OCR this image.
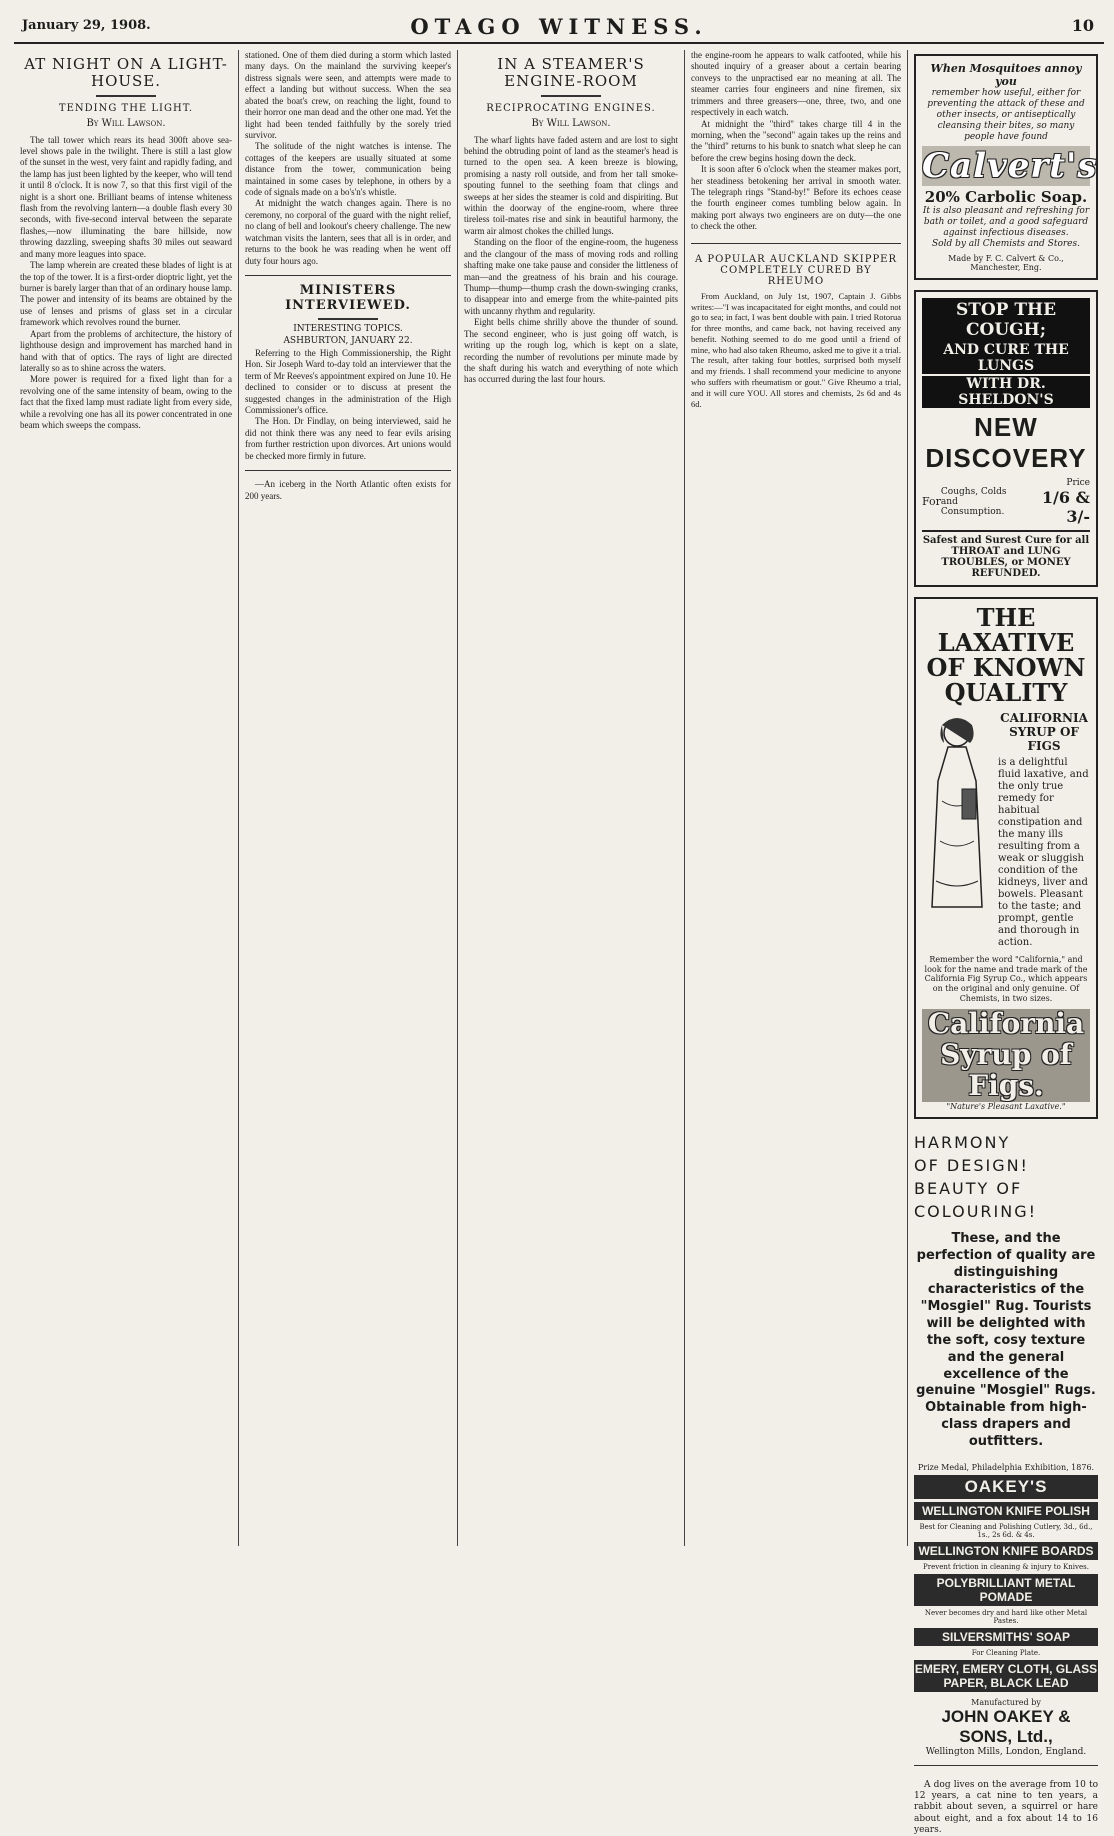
January 29, 1908.	OTAGO WITNESS.	10
AT NIGHT ON A LIGHT-HOUSE.
TENDING THE LIGHT.
By Will Lawson.

The tall tower which rears its head 300ft above sea-level shows pale in the twilight. There is still a last glow of the sunset in the west, very faint and rapidly fading, and the lamp has just been lighted by the keeper, who will tend it until 8 o'clock. It is now 7, so that this first vigil of the night is a short one. Brilliant beams of intense whiteness flash from the revolving lantern—a double flash every 30 seconds, with five-second interval between the separate flashes,—now illuminating the bare hillside, now throwing dazzling, sweeping shafts 30 miles out seaward and many more leagues into space.

The lamp wherein are created these blades of light is at the top of the tower. It is a first-order dioptric light, yet the burner is barely larger than that of an ordinary house lamp. The power and intensity of its beams are obtained by the use of lenses and prisms of glass set in a circular framework which revolves round the burner.

Apart from the problems of architecture, the history of lighthouse design and improvement has marched hand in hand with that of optics. The rays of light are directed laterally so as to shine across the waters.

More power is required for a fixed light than for a revolving one of the same intensity of beam, owing to the fact that the fixed lamp must radiate light from every side, while a revolving one has all its power concentrated in one beam which sweeps the compass.

stationed. One of them died during a storm which lasted many days. On the mainland the surviving keeper's distress signals were seen, and attempts were made to effect a landing but without success. When the sea abated the boat's crew, on reaching the light, found to their horror one man dead and the other one mad. Yet the light had been tended faithfully by the sorely tried survivor.

The solitude of the night watches is intense. The cottages of the keepers are usually situated at some distance from the tower, communication being maintained in some cases by telephone, in others by a code of signals made on a bo's'n's whistle.

At midnight the watch changes again. There is no ceremony, no corporal of the guard with the night relief, no clang of bell and lookout's cheery challenge. The new watchman visits the lantern, sees that all is in order, and returns to the book he was reading when he went off duty four hours ago.

MINISTERS INTERVIEWED.
INTERESTING TOPICS.
ASHBURTON, JANUARY 22.

Referring to the High Commissionership, the Right Hon. Sir Joseph Ward to-day told an interviewer that the term of Mr Reeves's appointment expired on June 10. He declined to consider or to discuss at present the suggested changes in the administration of the High Commissioner's office.

The Hon. Dr Findlay, on being interviewed, said he did not think there was any need to fear evils arising from further restriction upon divorces. Art unions would be checked more firmly in future.

—An iceberg in the North Atlantic often exists for 200 years.

IN A STEAMER'S ENGINE-ROOM
RECIPROCATING ENGINES.
By Will Lawson.

The wharf lights have faded astern and are lost to sight behind the obtruding point of land as the steamer's head is turned to the open sea. A keen breeze is blowing, promising a nasty roll outside, and from her tall smoke-spouting funnel to the seething foam that clings and sweeps at her sides the steamer is cold and dispiriting. But within the doorway of the engine-room, where three tireless toil-mates rise and sink in beautiful harmony, the warm air almost chokes the chilled lungs.

Standing on the floor of the engine-room, the hugeness and the clangour of the mass of moving rods and rolling shafting make one take pause and consider the littleness of man—and the greatness of his brain and his courage. Thump—thump—thump crash the down-swinging cranks, to disappear into and emerge from the white-painted pits with uncanny rhythm and regularity.

Eight bells chime shrilly above the thunder of sound. The second engineer, who is just going off watch, is writing up the rough log, which is kept on a slate, recording the number of revolutions per minute made by the shaft during his watch and everything of note which has occurred during the last four hours.

the engine-room he appears to walk catfooted, while his shouted inquiry of a greaser about a certain bearing conveys to the unpractised ear no meaning at all. The steamer carries four engineers and nine firemen, six trimmers and three greasers—one, three, two, and one respectively in each watch.

At midnight the "third" takes charge till 4 in the morning, when the "second" again takes up the reins and the "third" returns to his bunk to snatch what sleep he can before the crew begins hosing down the deck.

It is soon after 6 o'clock when the steamer makes port, her steadiness betokening her arrival in smooth water. The telegraph rings "Stand-by!" Before its echoes cease the fourth engineer comes tumbling below again. In making port always two engineers are on duty—the one to check the other.

A POPULAR AUCKLAND SKIPPER COMPLETELY CURED BY RHEUMO

From Auckland, on July 1st, 1907, Captain J. Gibbs writes:—"I was incapacitated for eight months, and could not go to sea; in fact, I was bent double with pain. I tried Rotorua for three months, and came back, not having received any benefit. Nothing seemed to do me good until a friend of mine, who had also taken Rheumo, asked me to give it a trial. The result, after taking four bottles, surprised both myself and my friends. I shall recommend your medicine to anyone who suffers with rheumatism or gout." Give Rheumo a trial, and it will cure YOU. All stores and chemists, 2s 6d and 4s 6d.

When Mosquitoes annoy you
remember how useful, either for preventing the attack of these and other insects, or antiseptically cleansing their bites, so many people have found
Calvert's
20% Carbolic Soap.
It is also pleasant and refreshing for bath or toilet, and a good safeguard against infectious diseases.
Sold by all Chemists and Stores.
Made by F. C. Calvert & Co., Manchester, Eng.
STOP THE COUGH;
AND CURE THE LUNGS
WITH DR. SHELDON'S
NEW DISCOVERY
For
Coughs, Colds and Consumption.
Price
1/6 & 3/-
Safest and Surest Cure for all THROAT and LUNG TROUBLES, or MONEY REFUNDED.
THE LAXATIVE OF KNOWN QUALITY
CALIFORNIA SYRUP OF FIGS
is a delightful fluid laxative, and the only true remedy for habitual constipation and the many ills resulting from a weak or sluggish condition of the kidneys, liver and bowels. Pleasant to the taste; and prompt, gentle and thorough in action.
Remember the word "California," and look for the name and trade mark of the California Fig Syrup Co., which appears on the original and only genuine. Of Chemists, in two sizes.
California Syrup of Figs.
"Nature's Pleasant Laxative."
HARMONY
OF DESIGN!
BEAUTY OF
COLOURING!
These, and the perfection of quality are distinguishing characteristics of the "Mosgiel" Rug. Tourists will be delighted with the soft, cosy texture and the general excellence of the genuine "Mosgiel" Rugs. Obtainable from high-class drapers and outfitters.
Prize Medal, Philadelphia Exhibition, 1876.
OAKEY'S
WELLINGTON KNIFE POLISH
Best for Cleaning and Polishing Cutlery, 3d., 6d., 1s., 2s 6d. & 4s.
WELLINGTON KNIFE BOARDS
Prevent friction in cleaning & injury to Knives.
POLYBRILLIANT METAL POMADE
Never becomes dry and hard like other Metal Pastes.
SILVERSMITHS' SOAP
For Cleaning Plate.
EMERY, EMERY CLOTH, GLASS PAPER, BLACK LEAD
Manufactured by
JOHN OAKEY & SONS, Ltd.,
Wellington Mills, London, England.
A dog lives on the average from 10 to 12 years, a cat nine to ten years, a rabbit about seven, a squirrel or hare about eight, and a fox about 14 to 16 years.
